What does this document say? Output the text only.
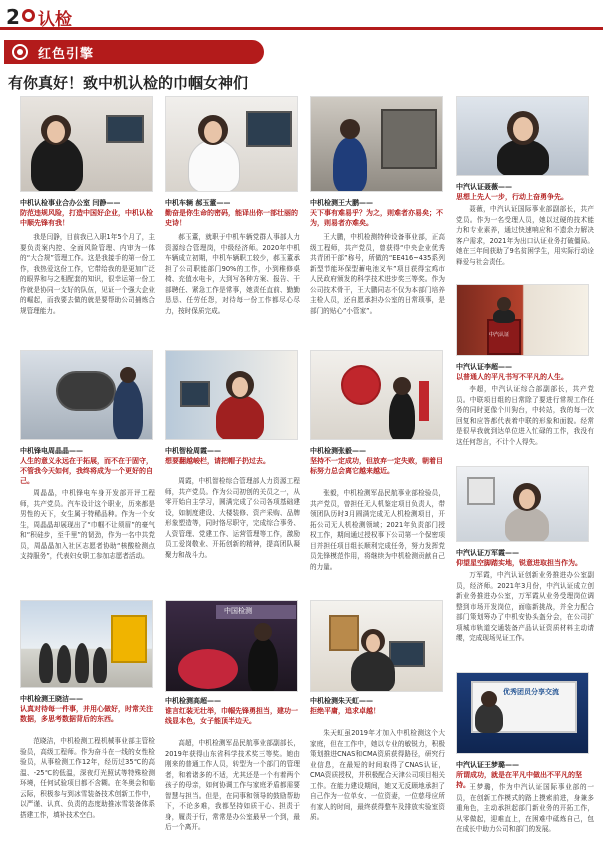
2 认检
红色引擎
有你真好！致中机认检的巾帼女神们
中机认检事业合办公室 闫静——
防范违规风险，打造中国好企业，中机认检中顺先锋有我！
我是闫静，目前我已入职1年5个月了，主要负责案内控、全面风险管理、内审为一体的“大合规”管理工作。这是我接手的第一份工作，我热爱这份工作，它带给我的是更加广泛的眼界和与之相配套的知识，很幸运第一份工作就是协同一支好的队伍，见证一个强大企业的崛起，而我要去做的就是要帮助公司捕炼合规管理能力。
中机锋电周晶晶——
人生的意义永远在于拓展，而不在于固守，不管我今天如何，我终将成为一个更好的自己。
周晶晶，中机锋电车身开发部开评工程师，共产党员。汽车设计这个职业，历来都是男性的天下，女生属于特稀品种。作为一个女生，周晶晶却展现出了“巾帼不让须眉”的豪气和“积硅步，至千里”的韧劲，作为一名中共党员，周晶晶加入社区志愿者协助“核酸检测点支持服务”，代表妇女职工参加志愿者活动。
中机检测王晓洁——
认真对待每一件事，并用心做好，时常关注数据，多思考数据背后的东西。
范晓洁，中机检测工程机械事业部主管检验员，高级工程师。作为奋斗在一线的女性检验员，从事检测工作12年，经历过35℃的高温、-25℃的低温，深夜灯光照试等特殊检测环境，任何试验项目都不含糊。在冬奥会和临云际，积极参与到冰雪装备技术创新工作中，以严谨、认真、负责的态度助推冰雪装备体系搭建工作，填补技术空白。
中机车辆 郝玉董——
勤奋是你生命的密码，能译出你一部壮丽的史诗！
郝玉董，就职于中机车辆党群人事部人力资源综合管理岗，中级经济师。2020年中机车辆成立初期，中机车辆职工较少，郝玉董承担了公司职能部门90%的工作，小到稚修桌椅、充值水电卡，大到写各种方案、报告、干部聘任、紧急工作是常事，她责任直前、勤勤恳恳、任劳任怨，对待每一份工作都尽心尽力，按时保质完成。
中机智检周霞——
想要翻越峻栏，请把帽子扔过去。
周霞，中机智检综合管理部人力资源工程师，共产党员。作为公司初创的关员之一，从零开始自主学习，圆满完成了公司各项基础建设，如制度建设、大楼装修、资产采购、品牌形象塑造等，同时恪尽职守，完成综合事务、人资管理、党建工作、运营管理等工作，激励员工爱岗敬业、开拓创新的精神，提高团队凝聚力和战斗力。
中国检测
中机检测高超——
谁言红装无壮举，巾帼先锋勇担当，建功一线显本色，女子能顶半边天。
高超，中机检测军品民航事业部副部长，2019年获得山东省科学技术奖三等奖。她由刚来的普通工作人员，转型为一个部门的管理者，和着诸多的不适，尤其还是一个有着两个孩子的母亲，如何协调工作与家庭矛盾都需要智慧与担当。但是，在同事和领导的鼓励帮助下，不论多难，我都坚持如质干心、担责于身，履责于行，常常是办公室最早一个到，最后一个离开。
中机检测王大鹏——
天下事有难易乎？为之，则难者亦易矣；不为，则易者亦难矣。
王大鹏，中机检测特种设备事业部，正高级工程师，共产党员，曾获得“中央企业优秀共青团干部”称号，所做的“EE416~435系列新型节能环保型蓄电池叉车”项目获得宝鸡市人民政府颁发的科学技术进步奖三等奖。作为公司技术骨干，王大鹏同志不仅为本部门培养主检人员，还自愿承担办公室的日常琐事，是部门的贴心“小管家”。
中机检测张毅——
坚持不一定成功，但放弃一定失败，朝着目标努力总会离它越来越近。
张毅，中机检测军品民航事业部检验员，共产党员，曾担任无人机鉴定项目负责人，带领团队历时3月圆满完成无人机检测项目，开拓公司无人机检测领域；2021年负责部门授权工作，期间通过授权事下公司第一个保密项目并担任项目组长顺利完成任务，努力发挥党员先锋模范作用，将继续为中机检测贡献自己的力量。
中机检测朱天虹——
拒绝平庸，追求卓越！
朱天虹虽2019年才加入中机检测这个大家庭，但在工作中，她以专业的敏锐力，积极策划推进CNAS和CMA资质获得路径，研究行业信息，在最短的时间取得了CNAS认证，CMA资质授权，并积极配合天津公司项目相关工作。在能力建设期间，她又无反顾地承担了自己作为一位单女、一位资妻，一位慈母应所有家人的时间，最终获得整车及排放实验室资质。
中汽认证聂薇——
思想上先人一步，行动上奋勇争先。
聂薇，中汽认证国际事业部副部长，共产党员。作为一名受理人员，她以过硬的技术能力和专业素养，通过快速响应和不遗余力解决客户需求，2021年为出口认证业务打破僵局。她在三年间获助了9名贫困学生，用实际行动诠释爱与社会责任。
中汽认证
中汽认证李超——
以普通人的平凡书写不平凡的人生。
李超，中汽认证综合部副部长，共产党员。中联项目组的日常除了要进行常规工作任务的同时更像个川狗台，中转站，我的每一次回复和应答都代表着中联的形象和面貌。经常是很早我就到达单位进入忙碌的工作，我没有这任何怨言，不计个人得失。
中汽认证万军霞——
仰望星空脚踏实地，锐意进取担当作为。
万军霞，中汽认证创新业务推进办公室副员，经济师。2021年3月份，中汽认证成立创新业务推进办公室，万军霞从业务受理岗位调整到市场开发岗位，面临新挑战，并全力配合部门策划筹办了中机安协头盔分会，在公司扩项城市轨道交通装备产品认证资质材料主动请缨，完成现场见证工作。
优秀团员分享交流
中汽认证王梦璐——
所谓成功，就是在平凡中做出不平凡的坚持。 王梦璐，作为中汽认证国际事业部的一员，在创新工作模式的路上摸索前进，身兼多重角色，主动承担起部门新业务的开拓工作，从零做起，迎难直上，在困难中砥炼自己，包在成长中助力公司和部门的发展。
